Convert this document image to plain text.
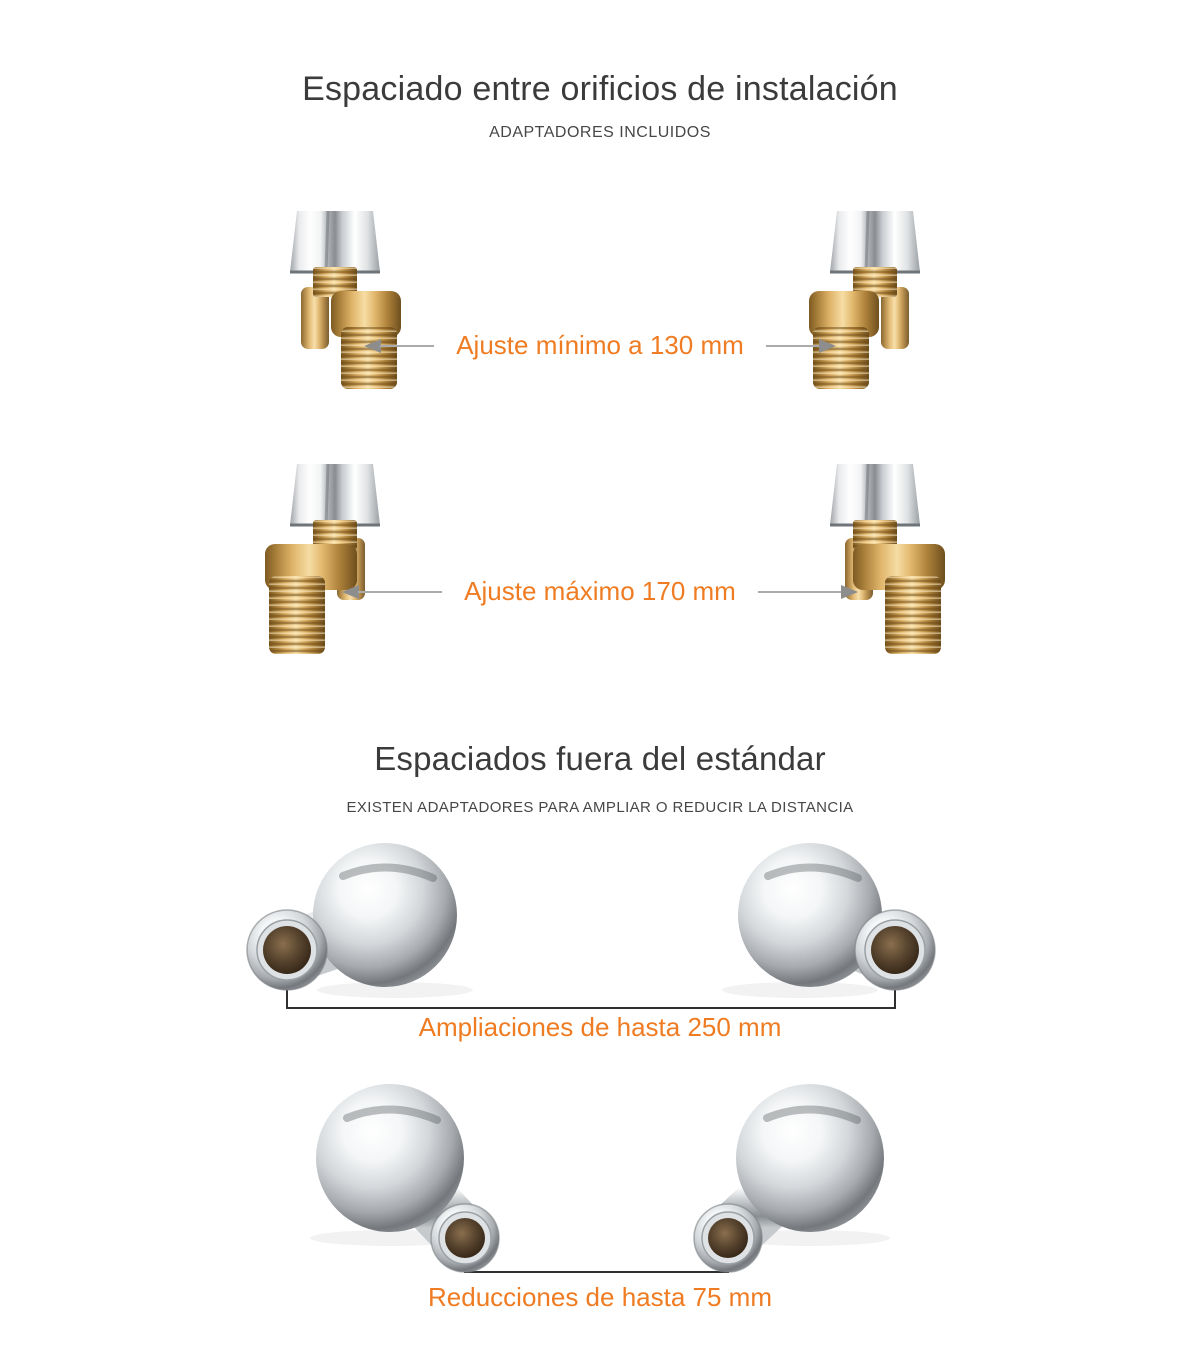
Espaciado entre orificios de instalación
ADAPTADORES INCLUIDOS
Ajuste mínimo a 130 mm
Ajuste máximo 170 mm
Espaciados fuera del estándar
EXISTEN ADAPTADORES PARA AMPLIAR O REDUCIR LA DISTANCIA
Ampliaciones de hasta 250 mm
Reducciones de hasta 75 mm
